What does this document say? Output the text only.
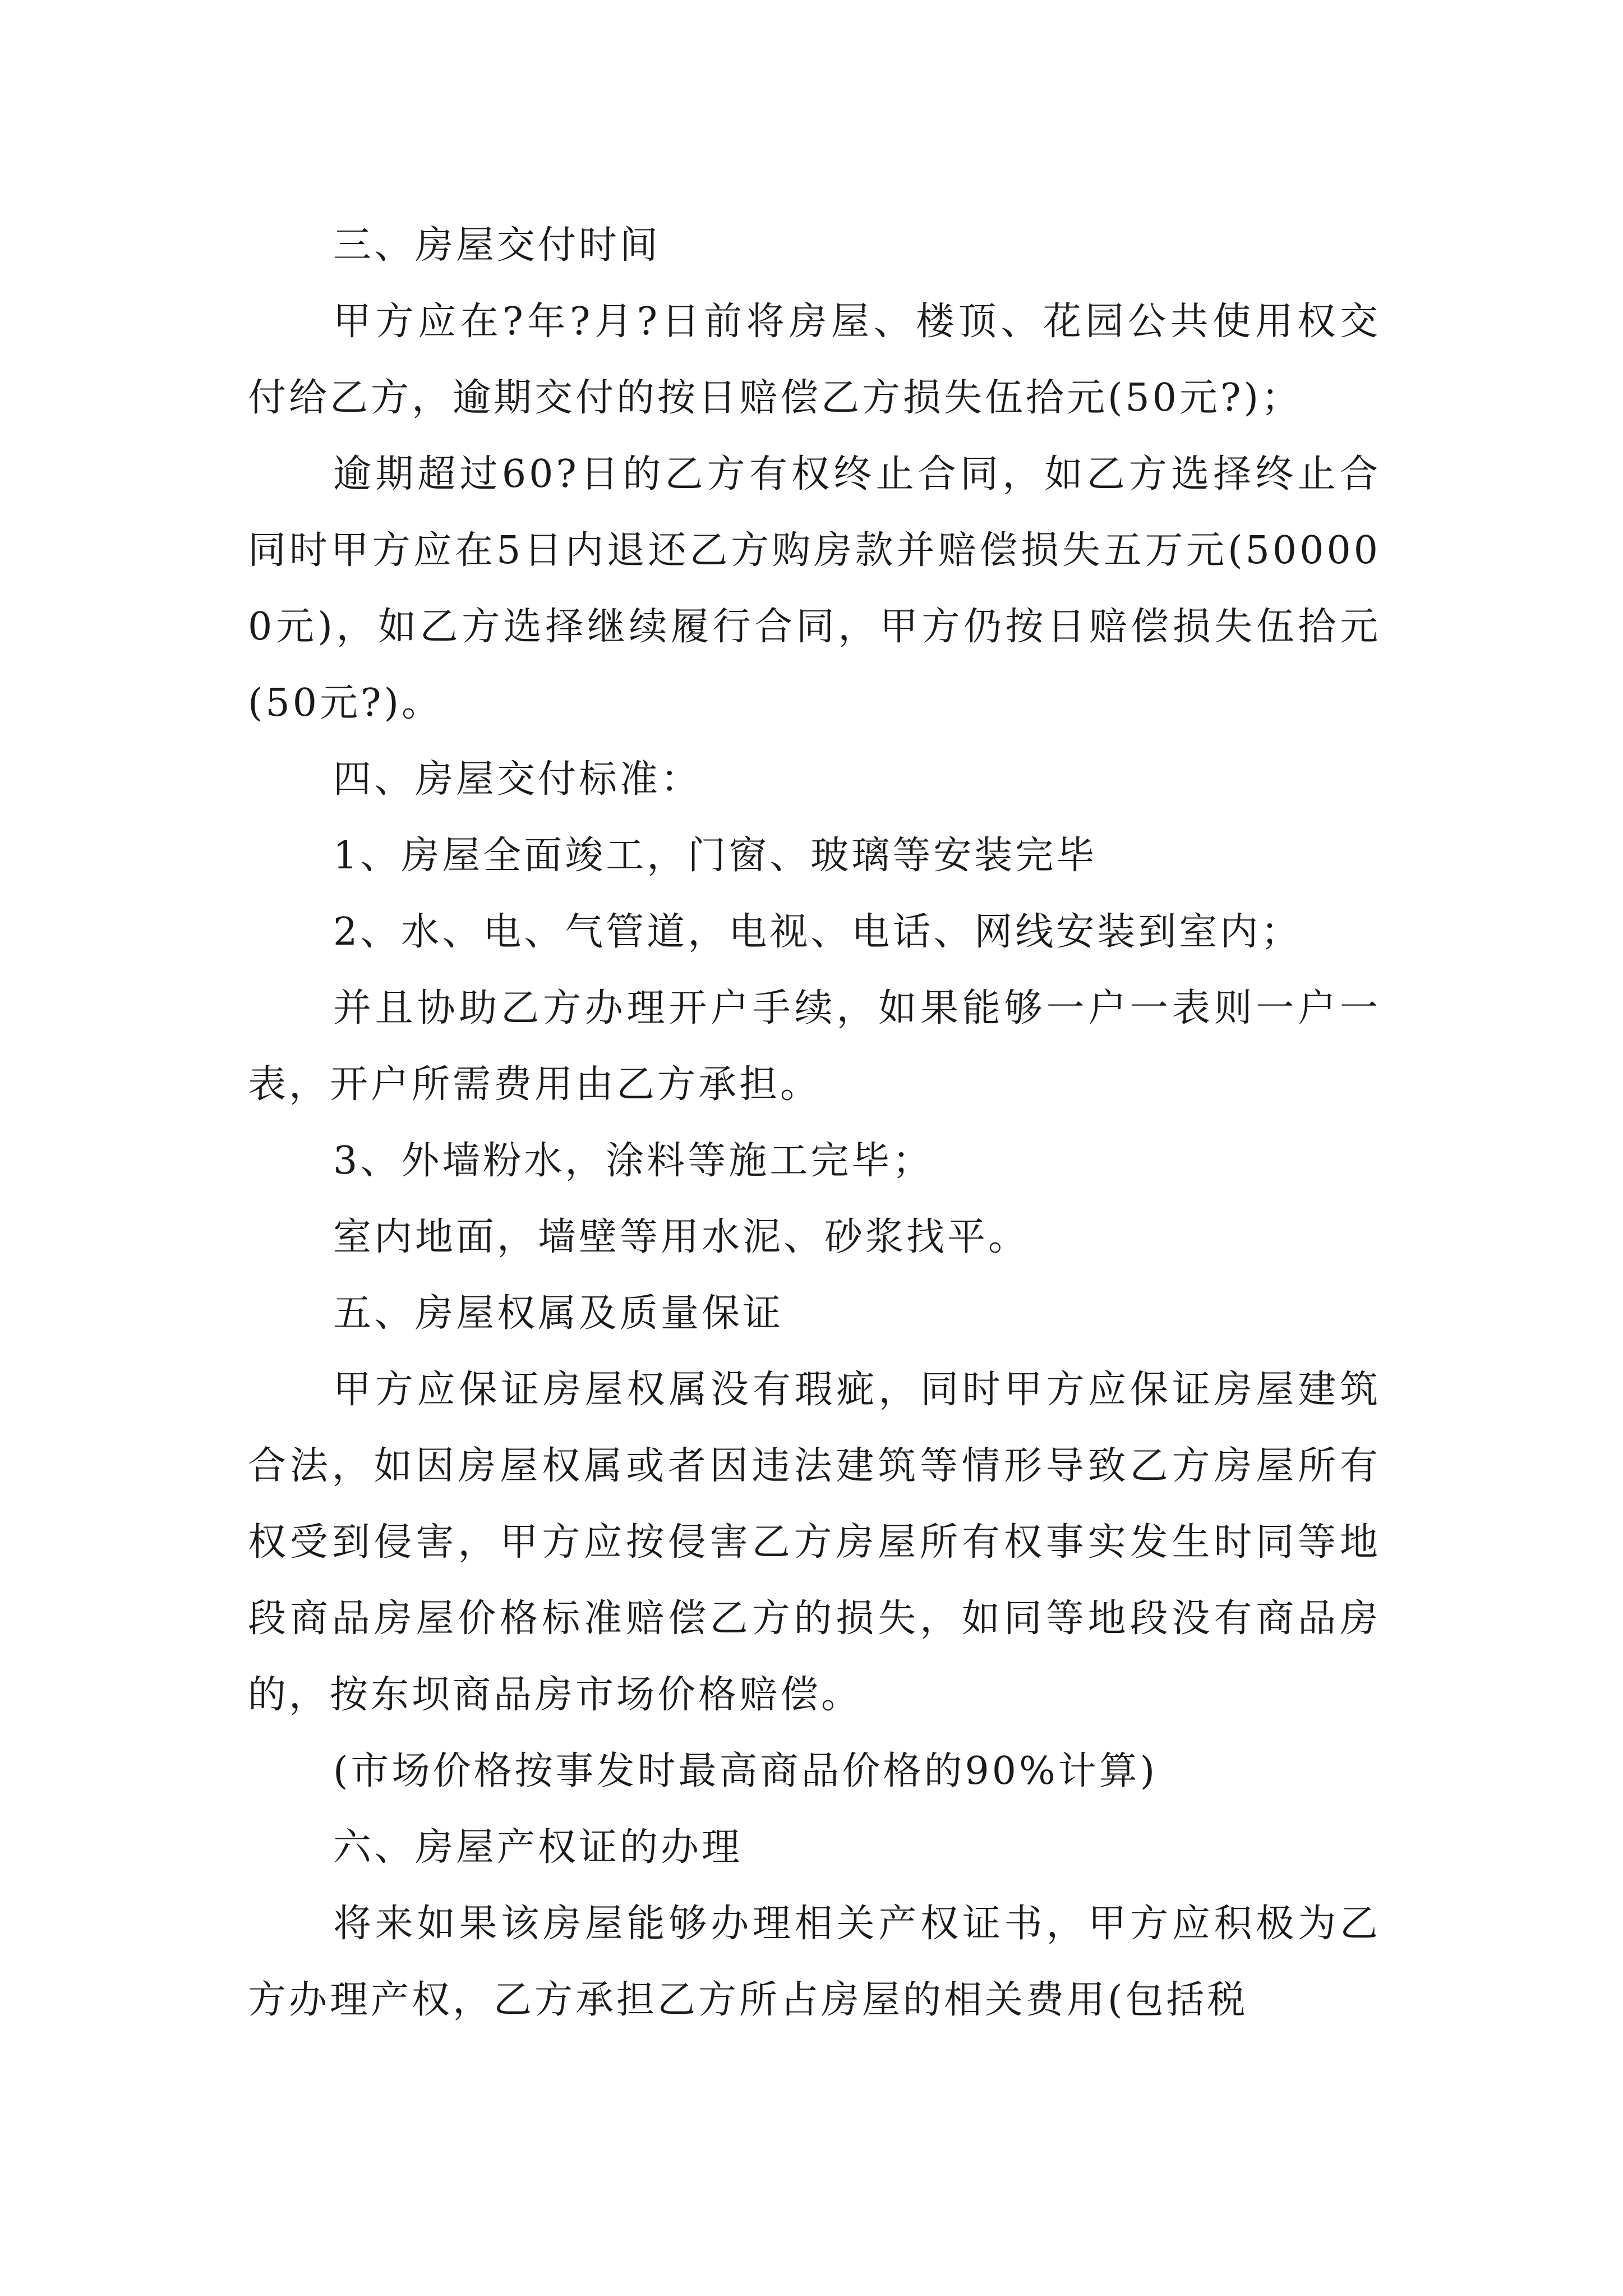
三、房屋交付时间

甲方应在?年?月?日前将房屋、楼顶、花园公共使用权交付给乙方，逾期交付的按日赔偿乙方损失伍拾元(50元?)；

逾期超过60?日的乙方有权终止合同，如乙方选择终止合同时甲方应在5日内退还乙方购房款并赔偿损失五万元(500000元)，如乙方选择继续履行合同，甲方仍按日赔偿损失伍拾元(50元?)。

四、房屋交付标准：

1、房屋全面竣工，门窗、玻璃等安装完毕

2、水、电、气管道，电视、电话、网线安装到室内；

并且协助乙方办理开户手续，如果能够一户一表则一户一表，开户所需费用由乙方承担。

3、外墙粉水，涂料等施工完毕；

室内地面，墙壁等用水泥、砂浆找平。

五、房屋权属及质量保证

甲方应保证房屋权属没有瑕疵，同时甲方应保证房屋建筑合法，如因房屋权属或者因违法建筑等情形导致乙方房屋所有权受到侵害，甲方应按侵害乙方房屋所有权事实发生时同等地段商品房屋价格标准赔偿乙方的损失，如同等地段没有商品房的，按东坝商品房市场价格赔偿。

(市场价格按事发时最高商品价格的90%计算)

六、房屋产权证的办理

将来如果该房屋能够办理相关产权证书，甲方应积极为乙方办理产权，乙方承担乙方所占房屋的相关费用(包括税
